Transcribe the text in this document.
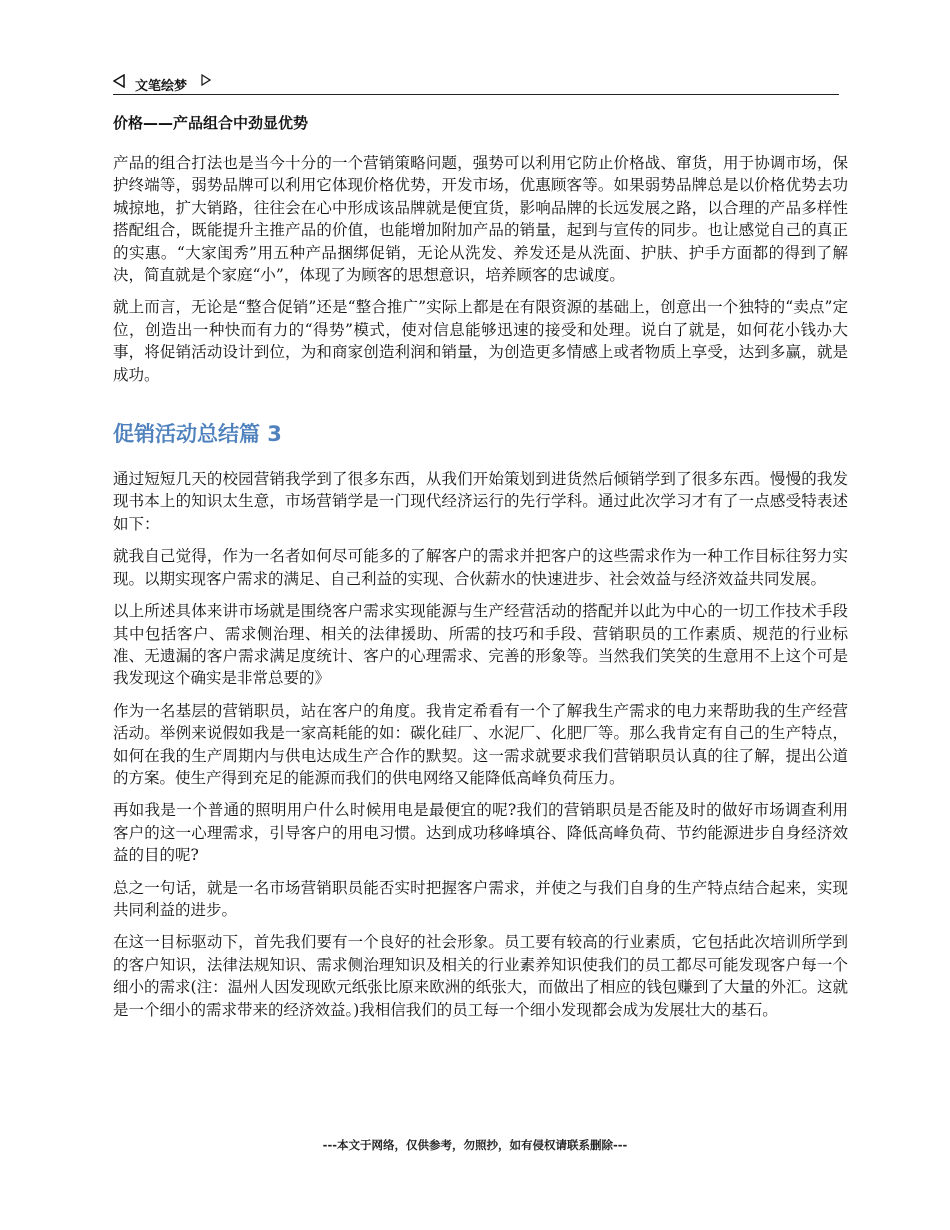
文笔绘梦
价格——产品组合中劲显优势

产品的组合打法也是当今十分的一个营销策略问题，强势可以利用它防止价格战、窜货，用于协调市场，保护终端等，弱势品牌可以利用它体现价格优势，开发市场，优惠顾客等。如果弱势品牌总是以价格优势去功城掠地，扩大销路，往往会在心中形成该品牌就是便宜货，影响品牌的长远发展之路，以合理的产品多样性搭配组合，既能提升主推产品的价值，也能增加附加产品的销量，起到与宣传的同步。也让感觉自己的真正的实惠。“大家闺秀”用五种产品捆绑促销，无论从洗发、养发还是从洗面、护肤、护手方面都的得到了解决，简直就是个家庭“小”，体现了为顾客的思想意识，培养顾客的忠诚度。

就上而言，无论是“整合促销”还是“整合推广”实际上都是在有限资源的基础上，创意出一个独特的“卖点”定位，创造出一种快而有力的“得势”模式，使对信息能够迅速的接受和处理。说白了就是，如何花小钱办大事，将促销活动设计到位，为和商家创造利润和销量，为创造更多情感上或者物质上享受，达到多赢，就是成功。

促销活动总结篇 3

通过短短几天的校园营销我学到了很多东西，从我们开始策划到进货然后倾销学到了很多东西。慢慢的我发现书本上的知识太生意，市场营销学是一门现代经济运行的先行学科。通过此次学习才有了一点感受特表述如下：

就我自己觉得，作为一名者如何尽可能多的了解客户的需求并把客户的这些需求作为一种工作目标往努力实现。以期实现客户需求的满足、自己利益的实现、合伙薪水的快速进步、社会效益与经济效益共同发展。

以上所述具体来讲市场就是围绕客户需求实现能源与生产经营活动的搭配并以此为中心的一切工作技术手段其中包括客户、需求侧治理、相关的法律援助、所需的技巧和手段、营销职员的工作素质、规范的行业标准、无遗漏的客户需求满足度统计、客户的心理需求、完善的形象等。当然我们笑笑的生意用不上这个可是我发现这个确实是非常总要的》

作为一名基层的营销职员，站在客户的角度。我肯定希看有一个了解我生产需求的电力来帮助我的生产经营活动。举例来说假如我是一家高耗能的如：碳化硅厂、水泥厂、化肥厂等。那么我肯定有自己的生产特点，如何在我的生产周期内与供电达成生产合作的默契。这一需求就要求我们营销职员认真的往了解，提出公道的方案。使生产得到充足的能源而我们的供电网络又能降低高峰负荷压力。

再如我是一个普通的照明用户什么时候用电是最便宜的呢?我们的营销职员是否能及时的做好市场调查利用客户的这一心理需求，引导客户的用电习惯。达到成功移峰填谷、降低高峰负荷、节约能源进步自身经济效益的目的呢?

总之一句话，就是一名市场营销职员能否实时把握客户需求，并使之与我们自身的生产特点结合起来，实现共同利益的进步。

在这一目标驱动下，首先我们要有一个良好的社会形象。员工要有较高的行业素质，它包括此次培训所学到的客户知识，法律法规知识、需求侧治理知识及相关的行业素养知识使我们的员工都尽可能发现客户每一个细小的需求(注：温州人因发现欧元纸张比原来欧洲的纸张大，而做出了相应的钱包赚到了大量的外汇。这就是一个细小的需求带来的经济效益。)我相信我们的员工每一个细小发现都会成为发展壮大的基石。

---本文于网络，仅供参考，勿照抄，如有侵权请联系删除---
